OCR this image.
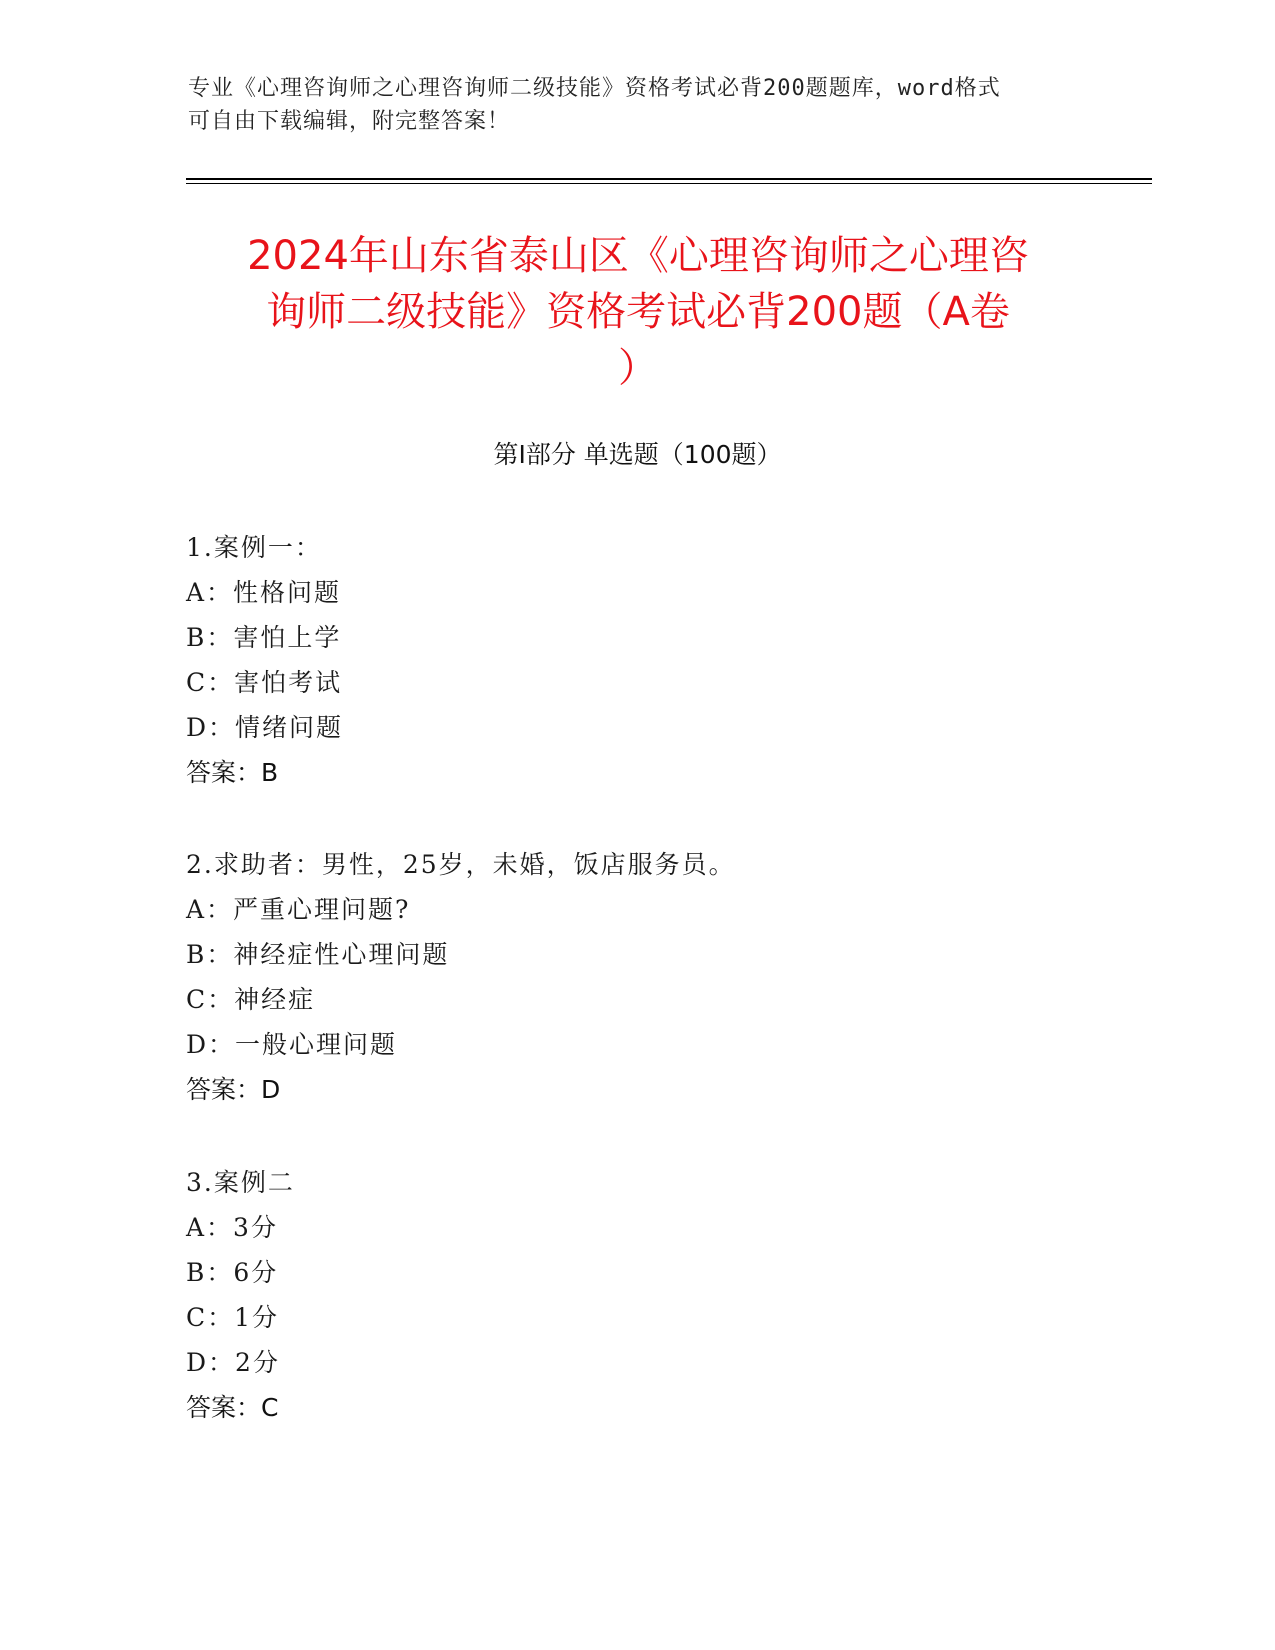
专业《心理咨询师之心理咨询师二级技能》资格考试必背200题题库，word格式
可自由下载编辑，附完整答案！
2024年山东省泰山区《心理咨询师之心理咨
询师二级技能》资格考试必背200题（A卷
）
第Ⅰ部分 单选题（100题）
1.案例一：
A：性格问题
B：害怕上学
C：害怕考试
D：情绪问题
答案：B
2.求助者：男性，25岁，未婚，饭店服务员。
A：严重心理问题?
B：神经症性心理问题
C：神经症
D：一般心理问题
答案：D
3.案例二
A：3分
B：6分
C：1分
D：2分
答案：C
